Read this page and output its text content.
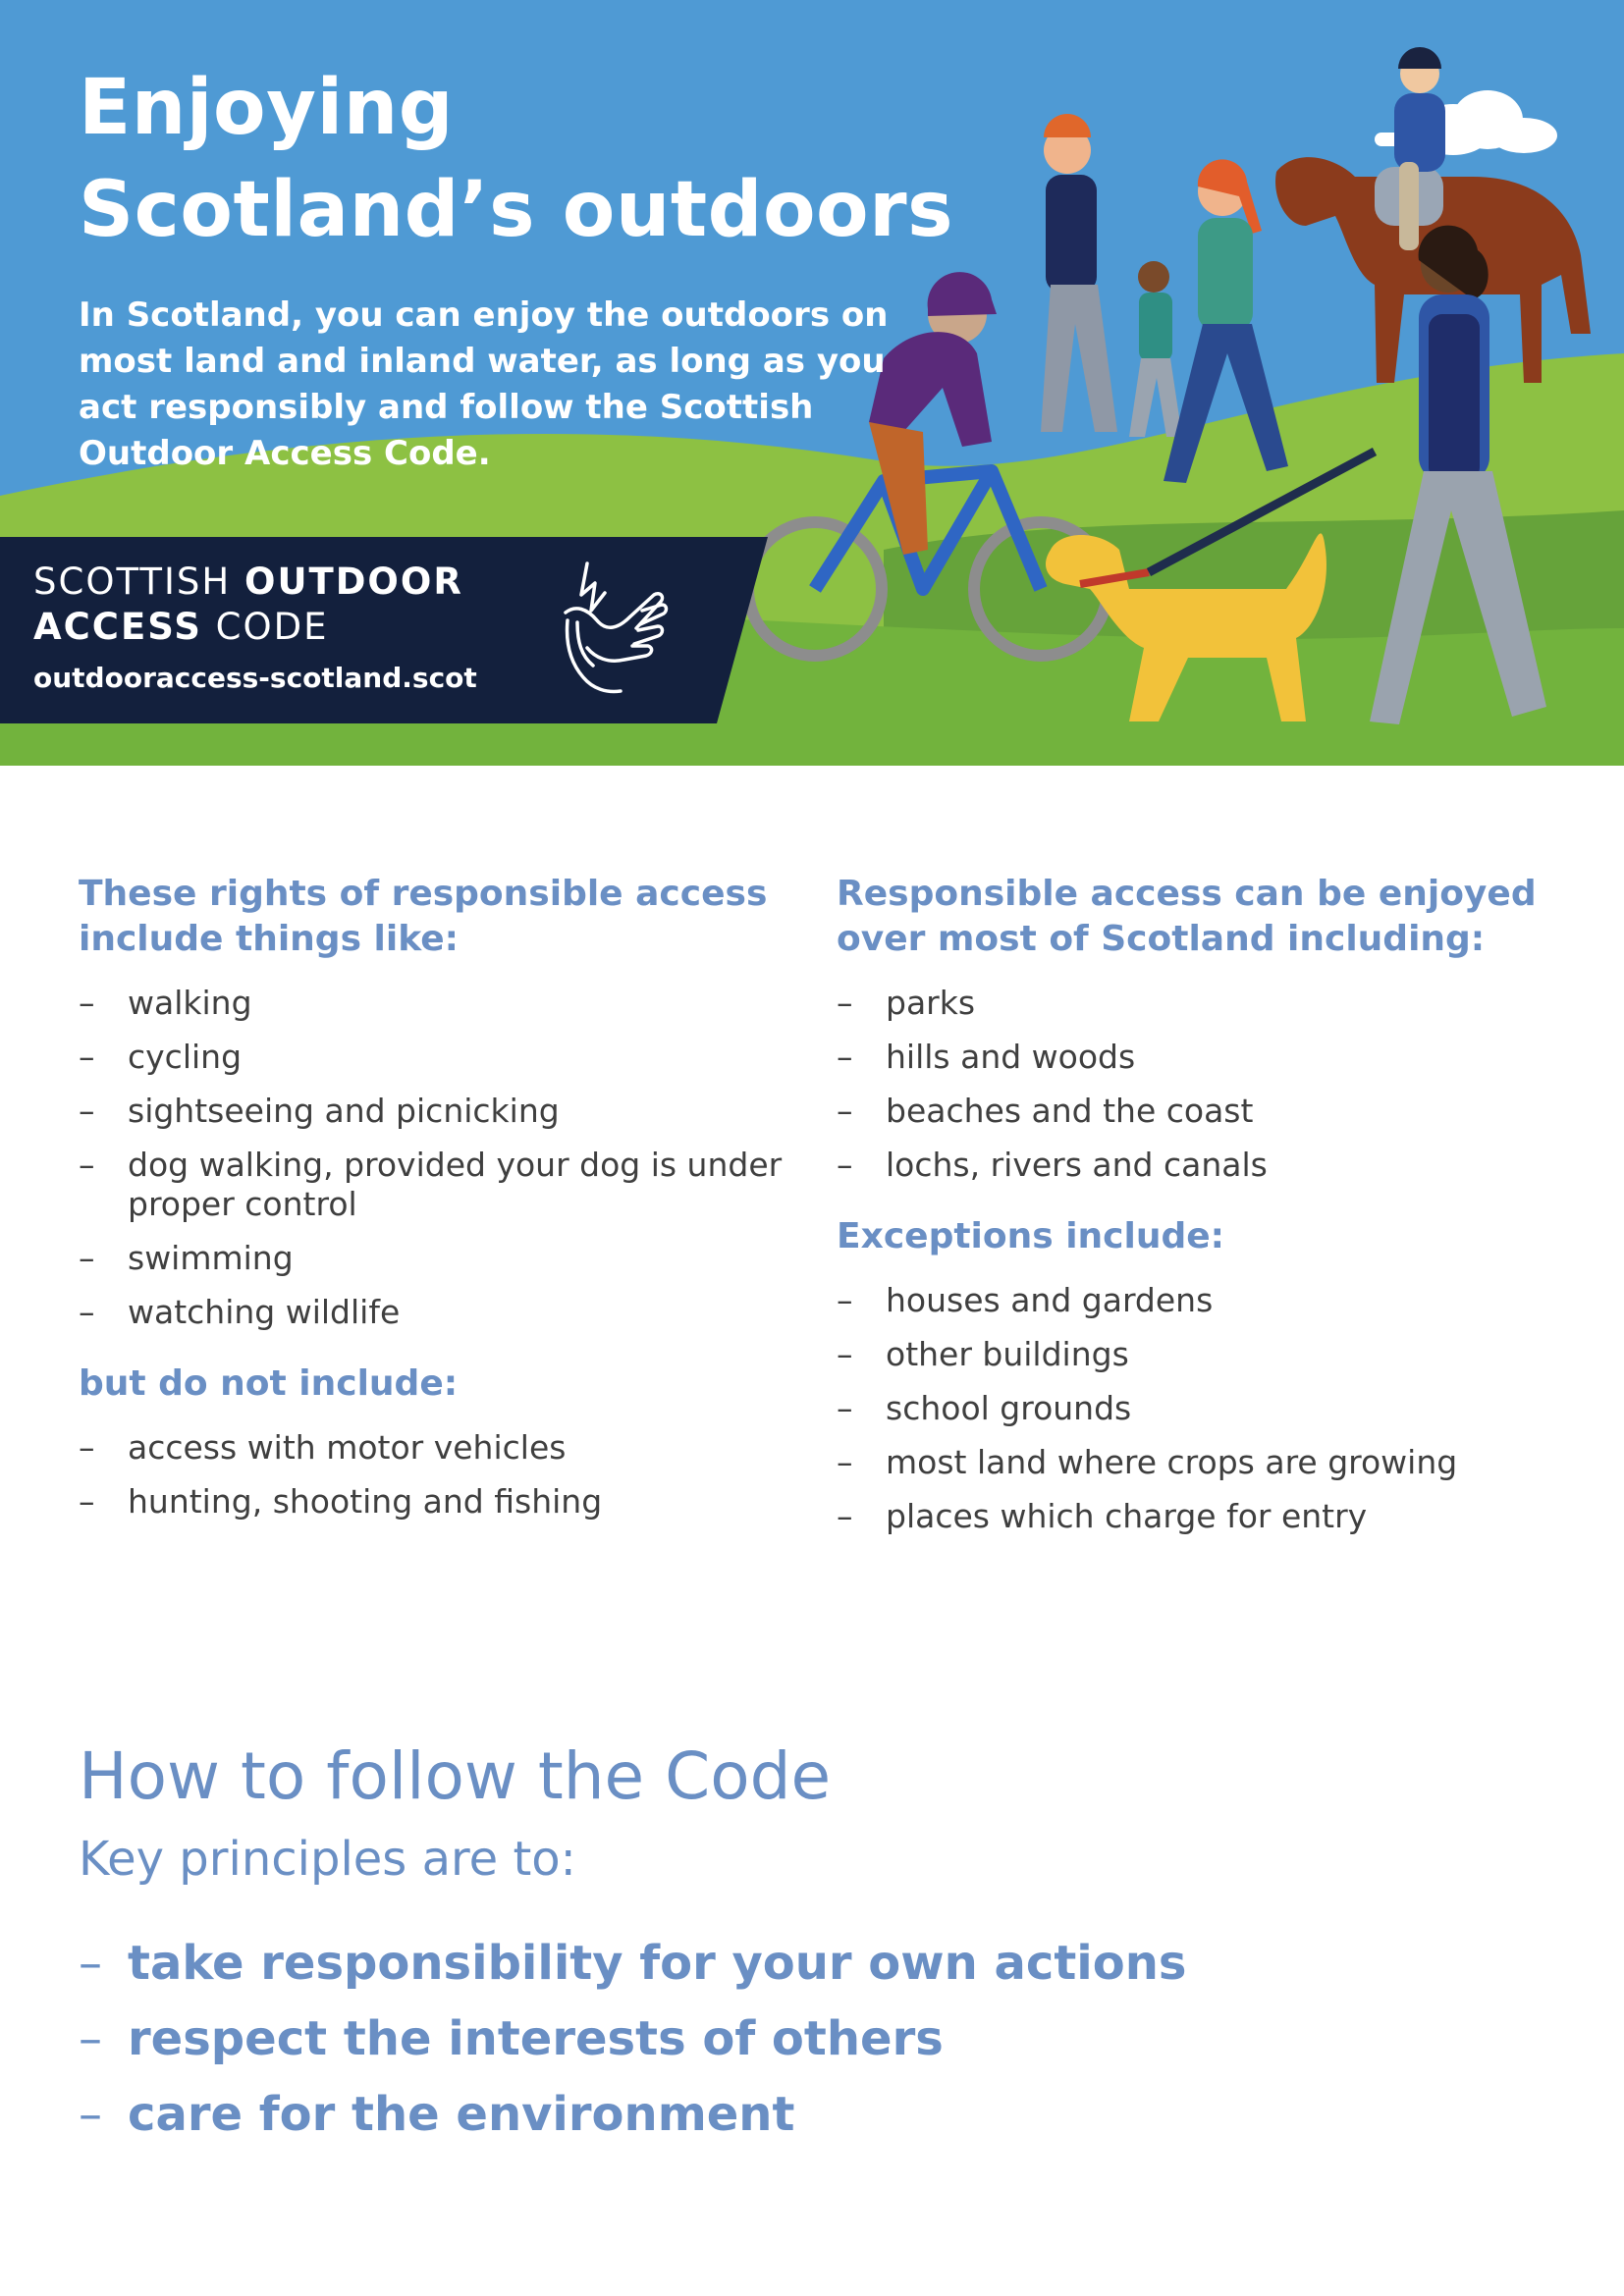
Enjoying
Scotland’s outdoors

In Scotland, you can enjoy the outdoors on most land and inland water, as long as you act responsibly and follow the Scottish Outdoor Access Code.

SCOTTISH OUTDOOR
ACCESS CODE
outdooraccess-scotland.scot
These rights of responsible access include things like:
– walking
– cycling
– sightseeing and picnicking
– dog walking, provided your dog is under proper control
– swimming
– watching wildlife
but do not include:
– access with motor vehicles
– hunting, shooting and fishing
Responsible access can be enjoyed over most of Scotland including:
– parks
– hills and woods
– beaches and the coast
– lochs, rivers and canals
Exceptions include:
– houses and gardens
– other buildings
– school grounds
– most land where crops are growing
– places which charge for entry
How to follow the Code

Key principles are to:

– take responsibility for your own actions
– respect the interests of others
– care for the environment
